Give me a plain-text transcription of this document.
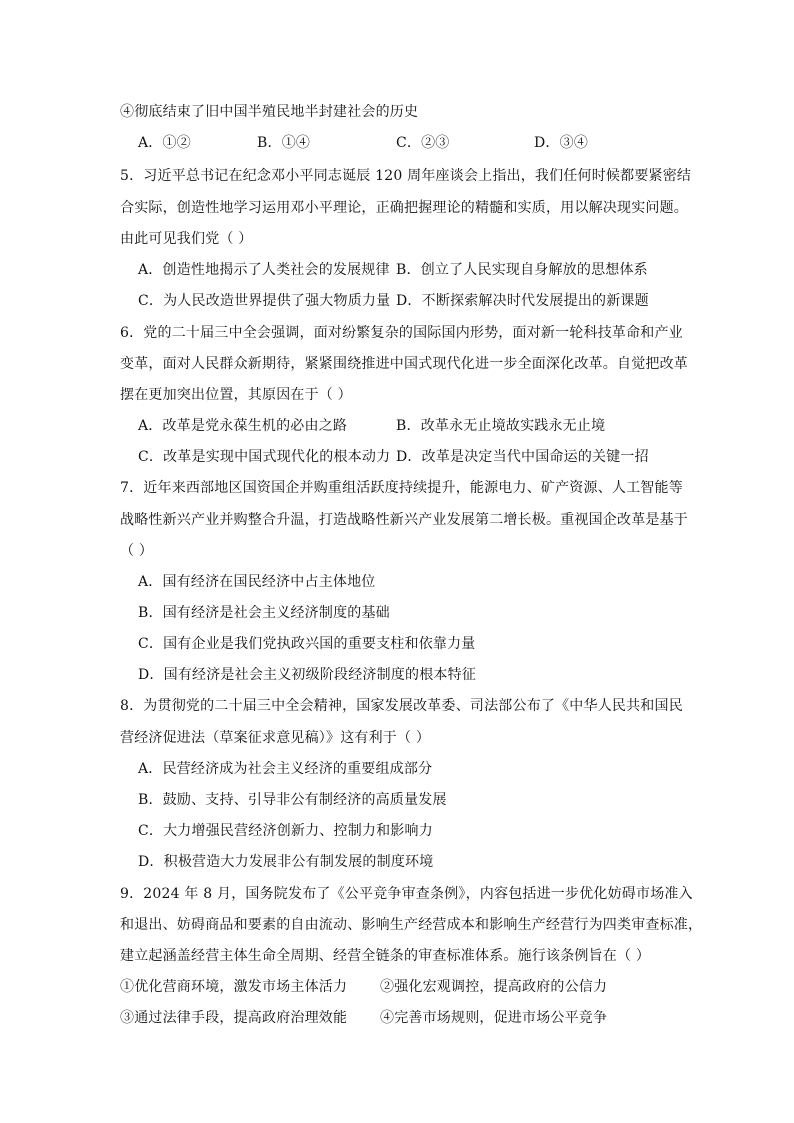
④彻底结束了旧中国半殖民地半封建社会的历史
A．①②	B．①④	C．②③	D．③④
5．习近平总书记在纪念邓小平同志诞辰 120 周年座谈会上指出，我们任何时候都要紧密结
合实际，创造性地学习运用邓小平理论，正确把握理论的精髓和实质，用以解决现实问题。
由此可见我们党（ ）
A．创造性地揭示了人类社会的发展规律 B．创立了人民实现自身解放的思想体系
C．为人民改造世界提供了强大物质力量 D．不断探索解决时代发展提出的新课题
6．党的二十届三中全会强调，面对纷繁复杂的国际国内形势，面对新一轮科技革命和产业
变革，面对人民群众新期待，紧紧围绕推进中国式现代化进一步全面深化改革。自觉把改革
摆在更加突出位置，其原因在于（ ）
A．改革是党永葆生机的必由之路	B．改革永无止境故实践永无止境
C．改革是实现中国式现代化的根本动力 D．改革是决定当代中国命运的关键一招
7．近年来西部地区国资国企并购重组活跃度持续提升，能源电力、矿产资源、人工智能等
战略性新兴产业并购整合升温，打造战略性新兴产业发展第二增长极。重视国企改革是基于
（ ）
A．国有经济在国民经济中占主体地位
B．国有经济是社会主义经济制度的基础
C．国有企业是我们党执政兴国的重要支柱和依靠力量
D．国有经济是社会主义初级阶段经济制度的根本特征
8．为贯彻党的二十届三中全会精神，国家发展改革委、司法部公布了《中华人民共和国民
营经济促进法（草案征求意见稿）》这有利于（ ）
A．民营经济成为社会主义经济的重要组成部分
B．鼓励、支持、引导非公有制经济的高质量发展
C．大力增强民营经济创新力、控制力和影响力
D．积极营造大力发展非公有制发展的制度环境
9．2024 年 8 月，国务院发布了《公平竞争审查条例》，内容包括进一步优化妨碍市场准入
和退出、妨碍商品和要素的自由流动、影响生产经营成本和影响生产经营行为四类审查标准，
建立起涵盖经营主体生命全周期、经营全链条的审查标准体系。施行该条例旨在（ ）
①优化营商环境，激发市场主体活力 ②强化宏观调控，提高政府的公信力
③通过法律手段，提高政府治理效能 ④完善市场规则，促进市场公平竞争
